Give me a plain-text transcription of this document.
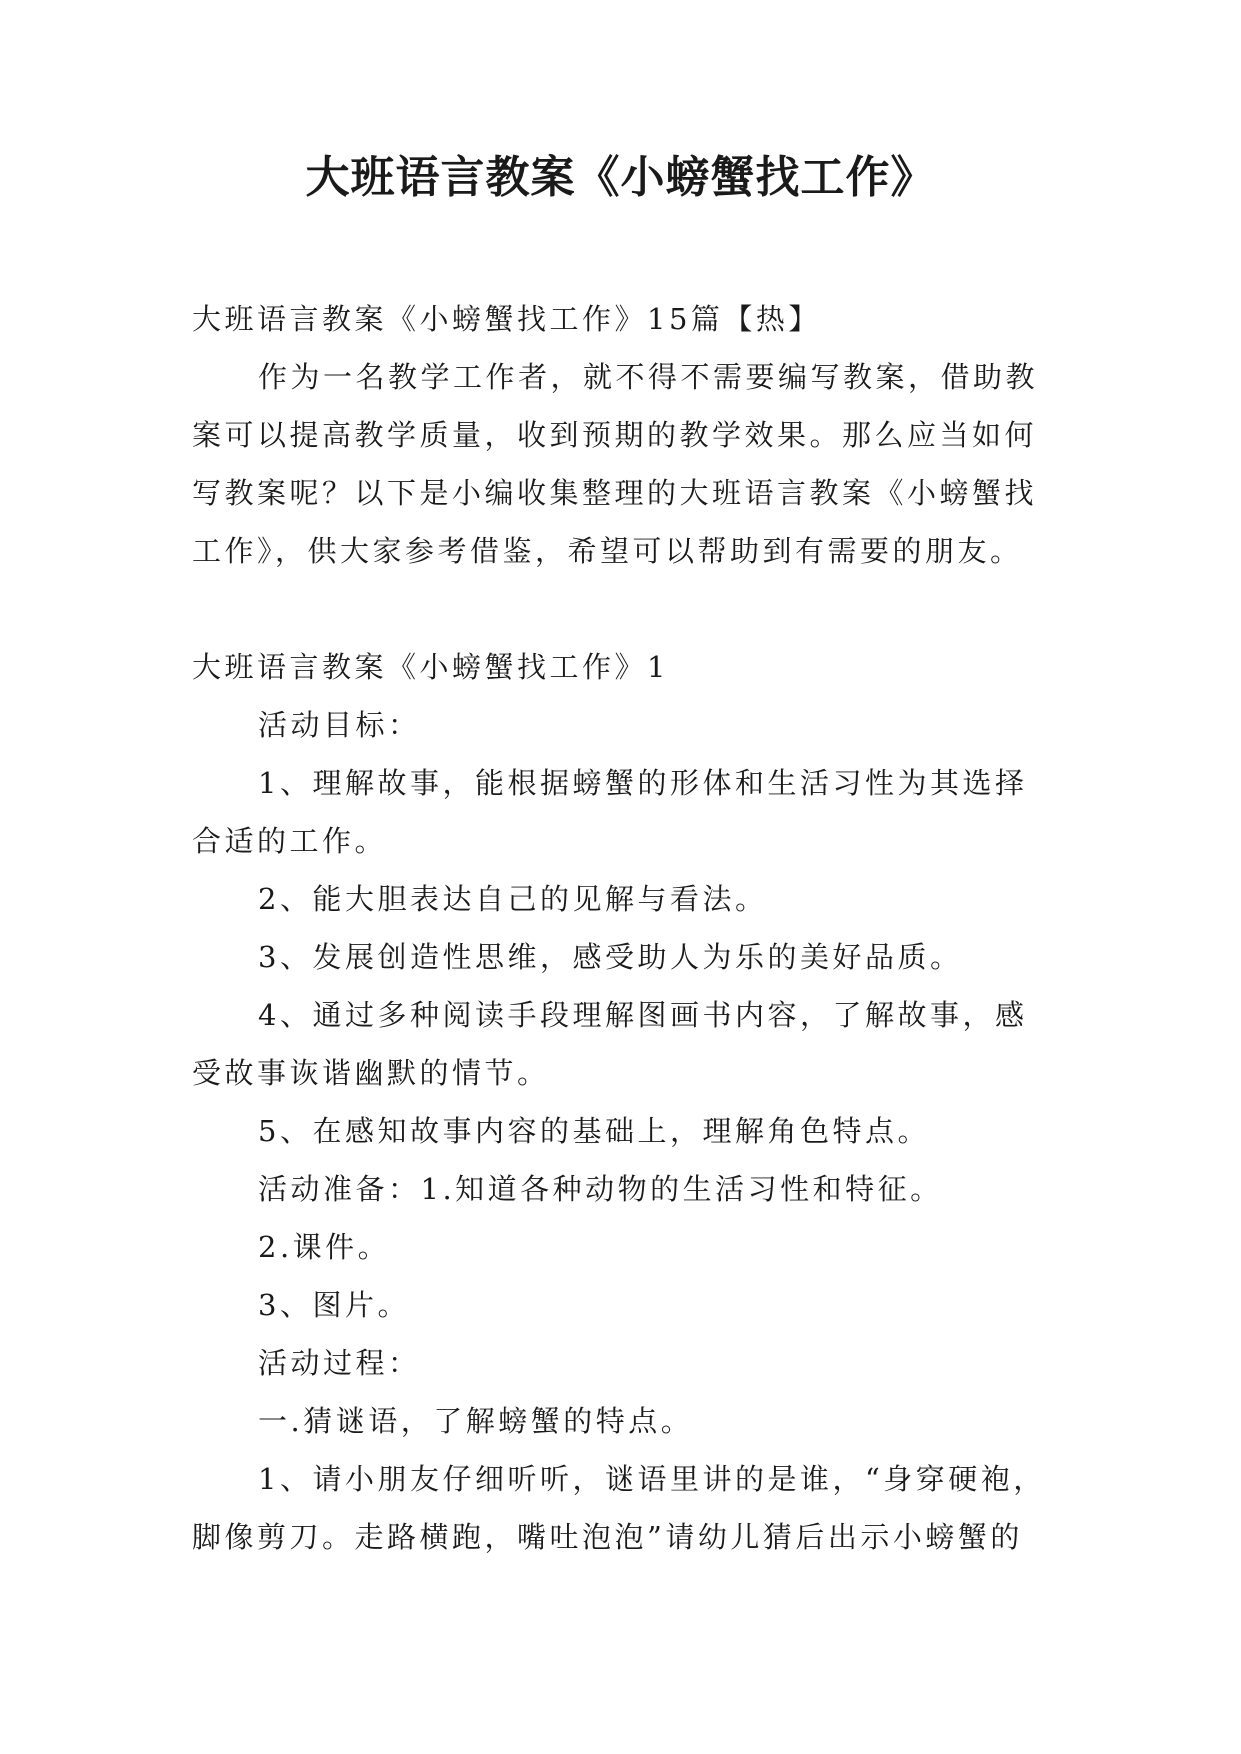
大班语言教案《小螃蟹找工作》

大班语言教案《小螃蟹找工作》15篇【热】

作为一名教学工作者，就不得不需要编写教案，借助教案可以提高教学质量，收到预期的教学效果。那么应当如何写教案呢？以下是小编收集整理的大班语言教案《小螃蟹找工作》，供大家参考借鉴，希望可以帮助到有需要的朋友。

大班语言教案《小螃蟹找工作》1

活动目标：

1、理解故事，能根据螃蟹的形体和生活习性为其选择合适的工作。

2、能大胆表达自己的见解与看法。

3、发展创造性思维，感受助人为乐的美好品质。

4、通过多种阅读手段理解图画书内容，了解故事，感受故事诙谐幽默的情节。

5、在感知故事内容的基础上，理解角色特点。

活动准备：1.知道各种动物的生活习性和特征。

2.课件。

3、图片。

活动过程：

一.猜谜语，了解螃蟹的特点。

1、请小朋友仔细听听，谜语里讲的是谁，“身穿硬袍，脚像剪刀。走路横跑，嘴吐泡泡”请幼儿猜后出示小螃蟹的
